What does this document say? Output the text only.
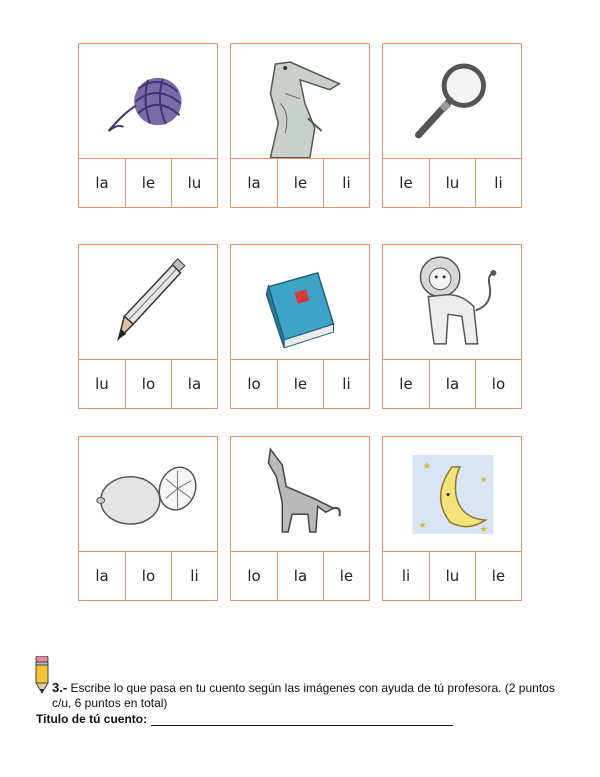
la	le	lu	la	le	li	le	lu	li
lu	lo	la	lo	le	li	le	la	lo
la	lo	li	lo	la	le
★
★
★	★
li	lu	le
3.- Escribe lo que pasa en tu cuento según las imágenes con ayuda de tú profesora. (2 puntos c/u, 6 puntos en total)
Titulo de tú cuento:
